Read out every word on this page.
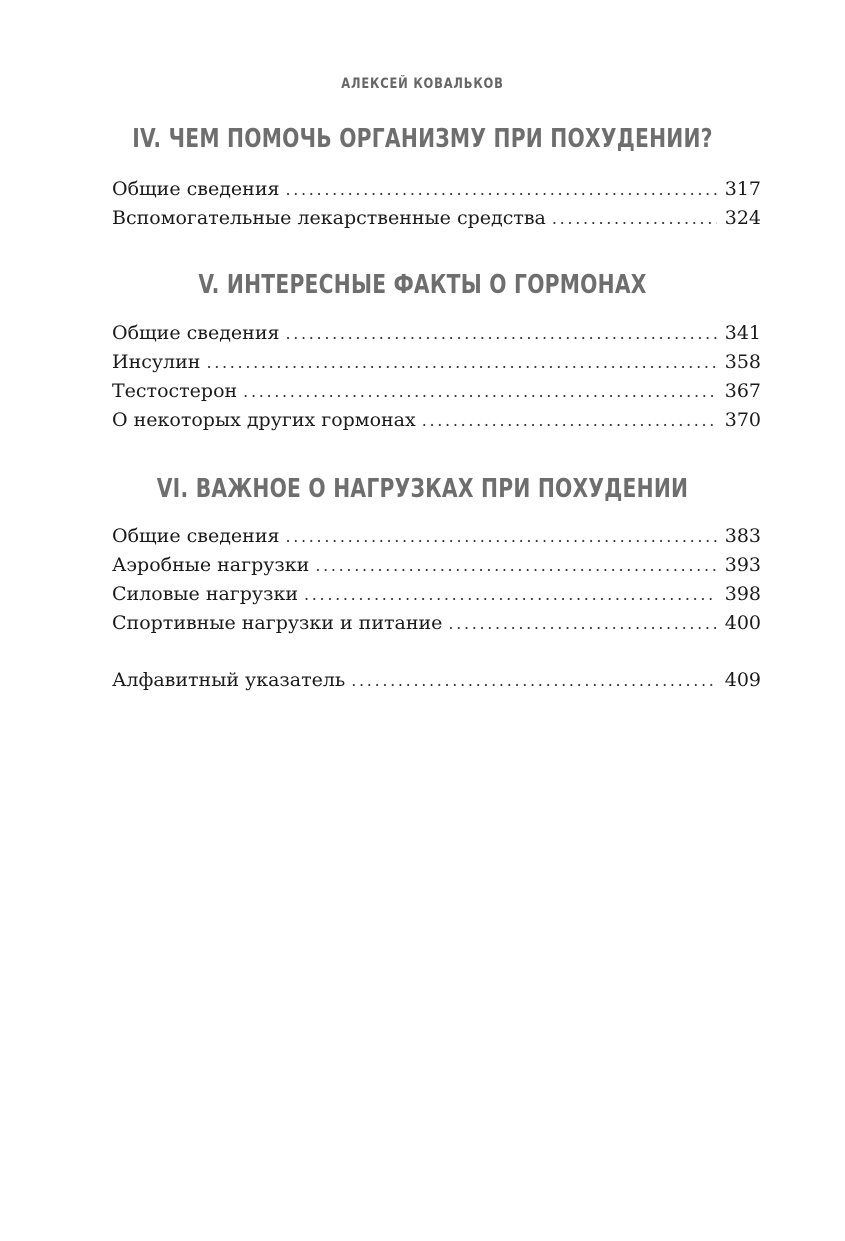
АЛЕКСЕЙ КОВАЛЬКОВ
IV. ЧЕМ ПОМОЧЬ ОРГАНИЗМУ ПРИ ПОХУДЕНИИ?
Общие сведения . . .	317
Вспомогательные лекарственные средства . . .	324
V. ИНТЕРЕСНЫЕ ФАКТЫ О ГОРМОНАХ
Общие сведения . . .	341
Инсулин . . .	358
Тестостерон . . .	367
О некоторых других гормонах . . .	370
VI. ВАЖНОЕ О НАГРУЗКАХ ПРИ ПОХУДЕНИИ
Общие сведения . . .	383
Аэробные нагрузки . . .	393
Силовые нагрузки . . .	398
Спортивные нагрузки и питание . . .	400
Алфавитный указатель . . .	409
